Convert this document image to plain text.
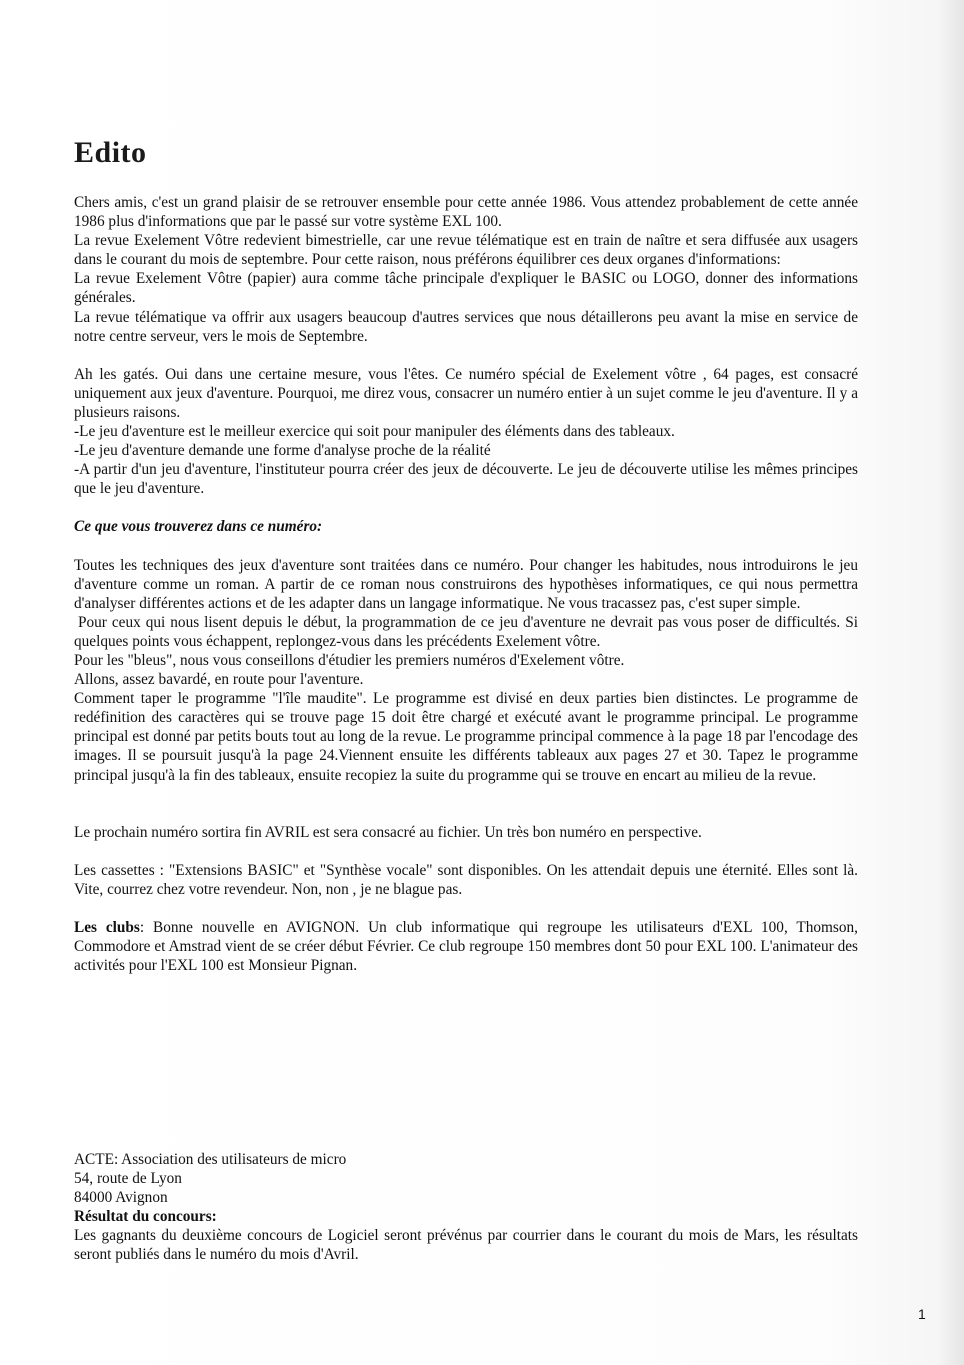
Edito

Chers amis, c'est un grand plaisir de se retrouver ensemble pour cette année 1986. Vous attendez probablement de cette année 1986 plus d'informations que par le passé sur votre système EXL 100.

La revue Exelement Vôtre redevient bimestrielle, car une revue télématique est en train de naître et sera diffusée aux usagers dans le courant du mois de septembre. Pour cette raison, nous préférons équilibrer ces deux organes d'informations:

La revue Exelement Vôtre (papier) aura comme tâche principale d'expliquer le BASIC ou LOGO, donner des informations générales.

La revue télématique va offrir aux usagers beaucoup d'autres services que nous détaillerons peu avant la mise en service de notre centre serveur, vers le mois de Septembre.

Ah les gatés. Oui dans une certaine mesure, vous l'êtes. Ce numéro spécial de Exelement vôtre , 64 pages, est consacré uniquement aux jeux d'aventure. Pourquoi, me direz vous, consacrer un numéro entier à un sujet comme le jeu d'aventure. Il y a plusieurs raisons.

-Le jeu d'aventure est le meilleur exercice qui soit pour manipuler des éléments dans des tableaux.

-Le jeu d'aventure demande une forme d'analyse proche de la réalité

-A partir d'un jeu d'aventure, l'instituteur pourra créer des jeux de découverte. Le jeu de découverte utilise les mêmes principes que le jeu d'aventure.

Ce que vous trouverez dans ce numéro:

Toutes les techniques des jeux d'aventure sont traitées dans ce numéro. Pour changer les habitudes, nous introduirons le jeu d'aventure comme un roman. A partir de ce roman nous construirons des hypothèses informatiques, ce qui nous permettra d'analyser différentes actions et de les adapter dans un langage informatique. Ne vous tracassez pas, c'est super simple.

Pour ceux qui nous lisent depuis le début, la programmation de ce jeu d'aventure ne devrait pas vous poser de difficultés. Si quelques points vous échappent, replongez-vous dans les précédents Exelement vôtre.

Pour les "bleus", nous vous conseillons d'étudier les premiers numéros d'Exelement vôtre.

Allons, assez bavardé, en route pour l'aventure.

Comment taper le programme "l'île maudite". Le programme est divisé en deux parties bien distinctes. Le programme de redéfinition des caractères qui se trouve page 15 doit être chargé et exécuté avant le programme principal. Le programme principal est donné par petits bouts tout au long de la revue. Le programme principal commence à la page 18 par l'encodage des images. Il se poursuit jusqu'à la page 24.Viennent ensuite les différents tableaux aux pages 27 et 30. Tapez le programme principal jusqu'à la fin des tableaux, ensuite recopiez la suite du programme qui se trouve en encart au milieu de la revue.

Le prochain numéro sortira fin AVRIL est sera consacré au fichier. Un très bon numéro en perspective.

Les cassettes : "Extensions BASIC" et "Synthèse vocale" sont disponibles. On les attendait depuis une éternité. Elles sont là. Vite, courrez chez votre revendeur. Non, non , je ne blague pas.

Les clubs: Bonne nouvelle en AVIGNON. Un club informatique qui regroupe les utilisateurs d'EXL 100, Thomson, Commodore et Amstrad vient de se créer début Février. Ce club regroupe 150 membres dont 50 pour EXL 100. L'animateur des activités pour l'EXL 100 est Monsieur Pignan.

ACTE: Association des utilisateurs de micro

54, route de Lyon

84000 Avignon

Résultat du concours:

Les gagnants du deuxième concours de Logiciel seront prévénus par courrier dans le courant du mois de Mars, les résultats seront publiés dans le numéro du mois d'Avril.

1
